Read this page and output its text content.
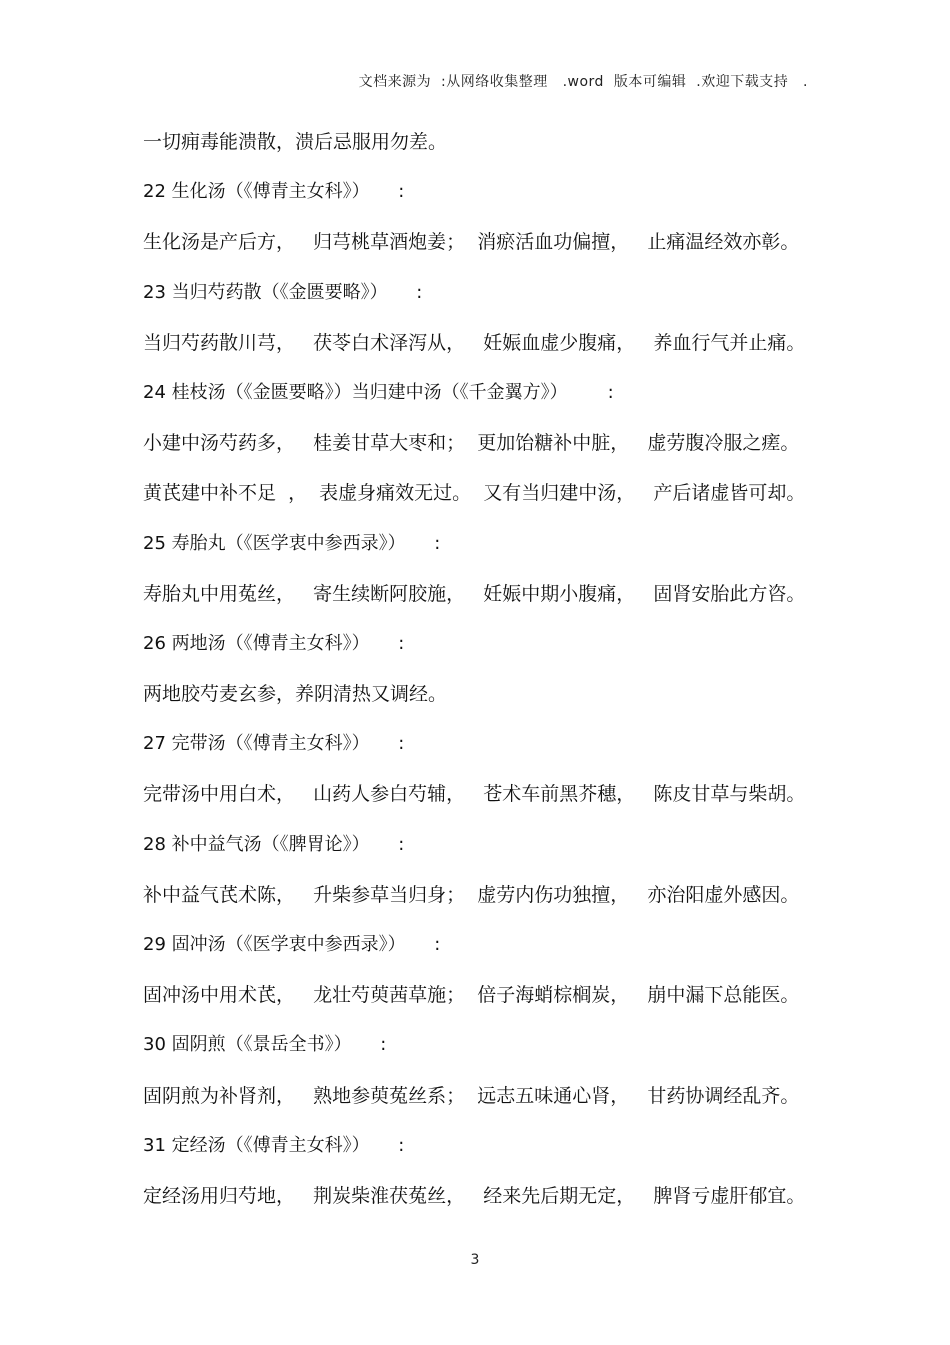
文档来源为  :从网络收集整理   .word  版本可编辑  .欢迎下载支持   .
一切痈毒能溃散，溃后忌服用勿差。
22 生化汤（《傅青主女科》）     :
生化汤是产后方，   归芎桃草酒炮姜；  消瘀活血功偏擅，   止痛温经效亦彰。
23 当归芍药散（《金匮要略》）     :
当归芍药散川芎，   茯苓白术泽泻从，   妊娠血虚少腹痛，   养血行气并止痛。
24 桂枝汤（《金匮要略》）当归建中汤（《千金翼方》）       :
小建中汤芍药多，   桂姜甘草大枣和；  更加饴糖补中脏，   虚劳腹冷服之瘥。
黄芪建中补不足  ，  表虚身痛效无过。  又有当归建中汤，   产后诸虚皆可却。
25 寿胎丸（《医学衷中参西录》）     :
寿胎丸中用菟丝，   寄生续断阿胶施，   妊娠中期小腹痛，   固肾安胎此方咨。
26 两地汤（《傅青主女科》）     :
两地胶芍麦玄参，养阴清热又调经。
27 完带汤（《傅青主女科》）     :
完带汤中用白术，   山药人参白芍辅，   苍术车前黑芥穗，   陈皮甘草与柴胡。
28 补中益气汤（《脾胃论》）     :
补中益气芪术陈，   升柴参草当归身；  虚劳内伤功独擅，   亦治阳虚外感因。
29 固冲汤（《医学衷中参西录》）     :
固冲汤中用术芪，   龙壮芍萸茜草施；  倍子海蛸棕榈炭，   崩中漏下总能医。
30 固阴煎（《景岳全书》）     :
固阴煎为补肾剂，   熟地参萸菟丝系；  远志五味通心肾，   甘药协调经乱齐。
31 定经汤（《傅青主女科》）     :
定经汤用归芍地，   荆炭柴淮茯菟丝，   经来先后期无定，   脾肾亏虚肝郁宜。
3
